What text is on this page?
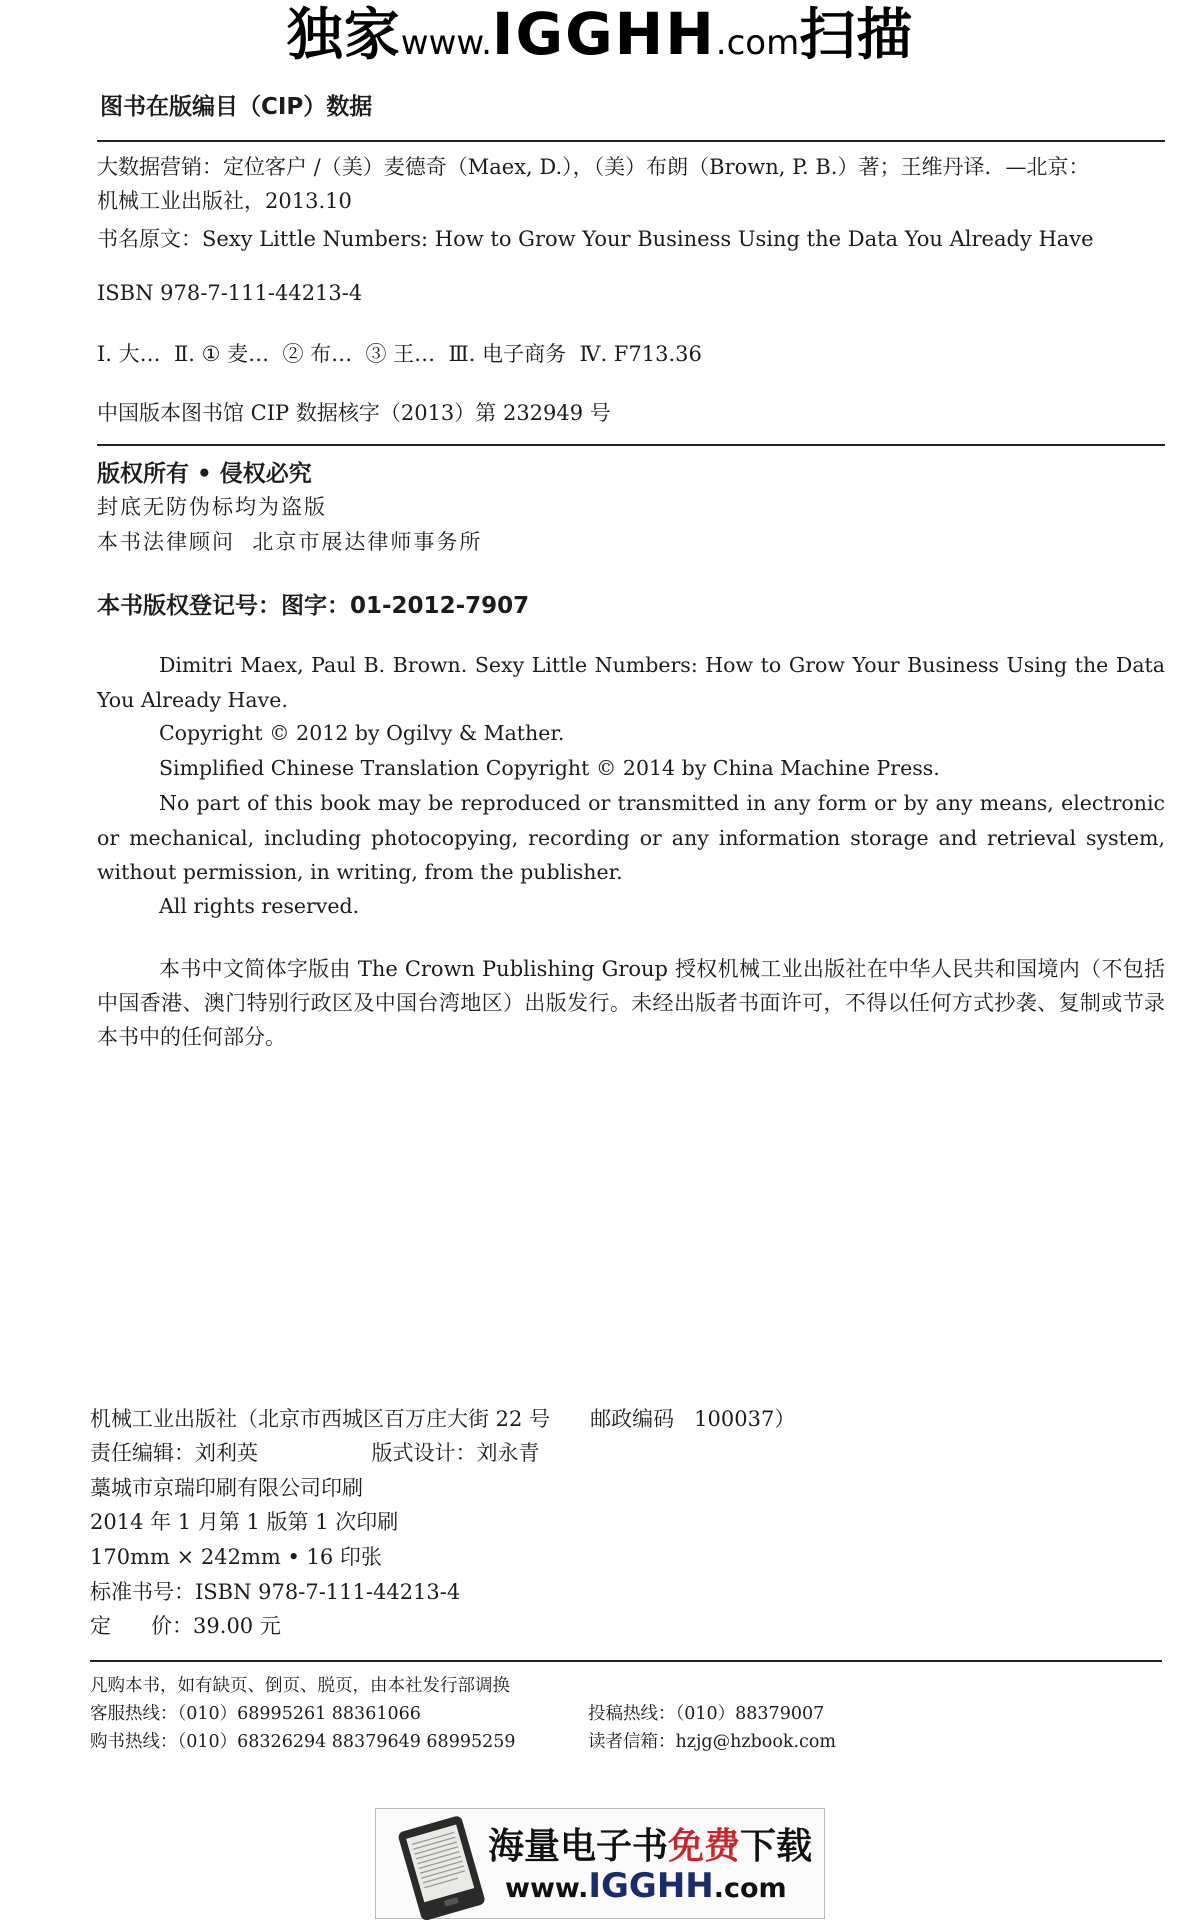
独家www.IGGHH.com扫描
图书在版编目（CIP）数据
大数据营销：定位客户 /（美）麦德奇（Maex, D.），（美）布朗（Brown, P. B.）著；王维丹译．—北京：
机械工业出版社，2013.10
书名原文：Sexy Little Numbers: How to Grow Your Business Using the Data You Already Have
ISBN 978-7-111-44213-4
Ⅰ. 大…  Ⅱ. ① 麦…  ② 布…  ③ 王…  Ⅲ. 电子商务  Ⅳ. F713.36
中国版本图书馆 CIP 数据核字（2013）第 232949 号
版权所有 • 侵权必究
封底无防伪标均为盗版
本书法律顾问  北京市展达律师事务所
本书版权登记号：图字：01-2012-7907
Dimitri Maex, Paul B. Brown. Sexy Little Numbers: How to Grow Your Business Using the Data You Already Have.
Copyright © 2012 by Ogilvy & Mather.
Simplified Chinese Translation Copyright © 2014 by China Machine Press.
No part of this book may be reproduced or transmitted in any form or by any means, electronic or mechanical, including photocopying, recording or any information storage and retrieval system, without permission, in writing, from the publisher.
All rights reserved.
本书中文简体字版由 The Crown Publishing Group 授权机械工业出版社在中华人民共和国境内（不包括中国香港、澳门特别行政区及中国台湾地区）出版发行。未经出版者书面许可，不得以任何方式抄袭、复制或节录本书中的任何部分。
机械工业出版社（北京市西城区百万庄大街 22 号      邮政编码   100037）
责任编辑：刘利英                 版式设计：刘永青
藁城市京瑞印刷有限公司印刷
2014 年 1 月第 1 版第 1 次印刷
170mm × 242mm • 16 印张
标准书号：ISBN 978-7-111-44213-4
定      价：39.00 元
凡购本书，如有缺页、倒页、脱页，由本社发行部调换
客服热线：（010）68995261 88361066	投稿热线：（010）88379007
购书热线：（010）68326294 88379649 68995259	读者信箱：hzjg@hzbook.com
海量电子书免费下载
www.IGGHH.com
